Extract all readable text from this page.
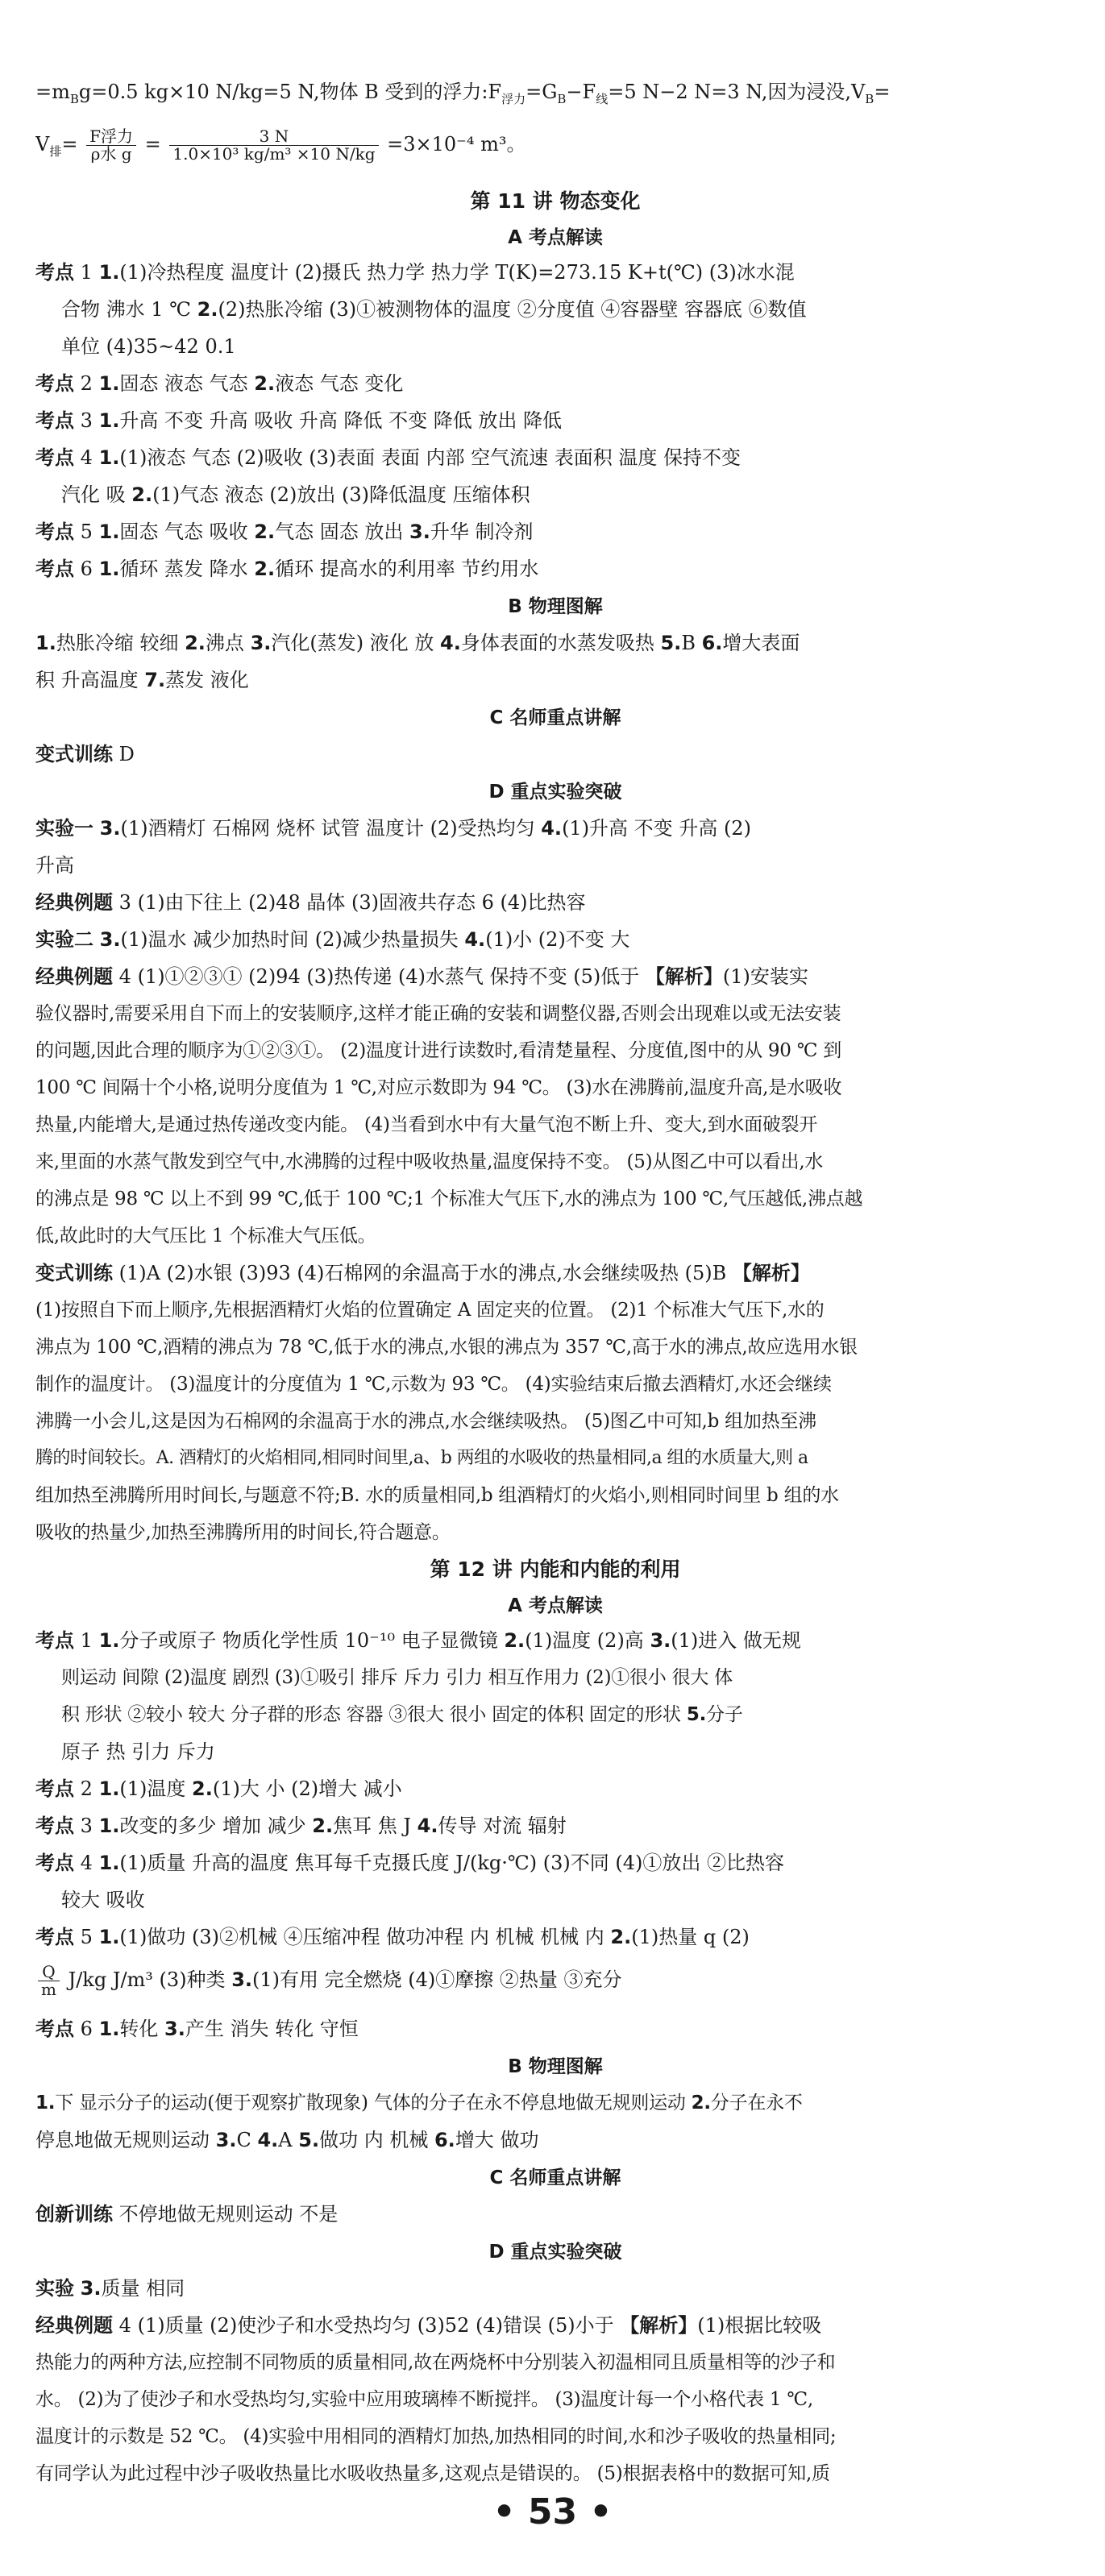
$=m_Bg=0.5$ kg×10 N/kg=5 N,物体 B 受到的浮力$:F_{浮力}=G_B-F_线=5$ N−2 N=3 N,因为浸没$,V_B=$
$V_排= \frac{\text{F浮力}}{\text{ρ水 g}} = \frac{3 N}{\text{1.0×10³ kg/m³ ×10 N/kg}} =3\times 10^{-4}$ m³。
第 11 讲 物态变化
A 考点解读
考点 1 1.(1)冷热程度 温度计 (2)摄氏 热力学 热力学 T(K)=273.15 K+t(℃) (3)冰水混
合物 沸水 1 ℃ 2.(2)热胀冷缩 (3)①被测物体的温度 ②分度值 ④容器壁 容器底 ⑥数值
单位 (4)35~42 0.1
考点 2 1.固态 液态 气态 2.液态 气态 变化
考点 3 1.升高 不变 升高 吸收 升高 降低 不变 降低 放出 降低
考点 4 1.(1)液态 气态 (2)吸收 (3)表面 表面 内部 空气流速 表面积 温度 保持不变
汽化 吸 2.(1)气态 液态 (2)放出 (3)降低温度 压缩体积
考点 5 1.固态 气态 吸收 2.气态 固态 放出 3.升华 制冷剂
考点 6 1.循环 蒸发 降水 2.循环 提高水的利用率 节约用水
B 物理图解
1.热胀冷缩 较细 2.沸点 3.汽化(蒸发) 液化 放 4.身体表面的水蒸发吸热 5.B 6.增大表面
积 升高温度 7.蒸发 液化
C 名师重点讲解
变式训练 D
D 重点实验突破
实验一 3.(1)酒精灯 石棉网 烧杯 试管 温度计 (2)受热均匀 4.(1)升高 不变 升高 (2)
升高
经典例题 3 (1)由下往上 (2)48 晶体 (3)固液共存态 6 (4)比热容
实验二 3.(1)温水 减少加热时间 (2)减少热量损失 4.(1)小 (2)不变 大
经典例题 4 (1)①②③① (2)94 (3)热传递 (4)水蒸气 保持不变 (5)低于 【解析】(1)安装实
验仪器时,需要采用自下而上的安装顺序,这样才能正确的安装和调整仪器,否则会出现难以或无法安装
的问题,因此合理的顺序为①②③①。 (2)温度计进行读数时,看清楚量程、分度值,图中的从 90 ℃ 到
100 ℃ 间隔十个小格,说明分度值为 1 ℃,对应示数即为 94 ℃。 (3)水在沸腾前,温度升高,是水吸收
热量,内能增大,是通过热传递改变内能。 (4)当看到水中有大量气泡不断上升、变大,到水面破裂开
来,里面的水蒸气散发到空气中,水沸腾的过程中吸收热量,温度保持不变。 (5)从图乙中可以看出,水
的沸点是 98 ℃ 以上不到 99 ℃,低于 100 ℃;1 个标准大气压下,水的沸点为 100 ℃,气压越低,沸点越
低,故此时的大气压比 1 个标准大气压低。
变式训练 (1)A (2)水银 (3)93 (4)石棉网的余温高于水的沸点,水会继续吸热 (5)B 【解析】
(1)按照自下而上顺序,先根据酒精灯火焰的位置确定 A 固定夹的位置。 (2)1 个标准大气压下,水的
沸点为 100 ℃,酒精的沸点为 78 ℃,低于水的沸点,水银的沸点为 357 ℃,高于水的沸点,故应选用水银
制作的温度计。 (3)温度计的分度值为 1 ℃,示数为 93 ℃。 (4)实验结束后撤去酒精灯,水还会继续
沸腾一小会儿,这是因为石棉网的余温高于水的沸点,水会继续吸热。 (5)图乙中可知,b 组加热至沸
腾的时间较长。A. 酒精灯的火焰相同,相同时间里,a、b 两组的水吸收的热量相同,a 组的水质量大,则 a
组加热至沸腾所用时间长,与题意不符;B. 水的质量相同,b 组酒精灯的火焰小,则相同时间里 b 组的水
吸收的热量少,加热至沸腾所用的时间长,符合题意。
第 12 讲 内能和内能的利用
A 考点解读
考点 1 1.分子或原子 物质化学性质 10⁻¹⁰ 电子显微镜 2.(1)温度 (2)高 3.(1)进入 做无规
则运动 间隙 (2)温度 剧烈 (3)①吸引 排斥 斥力 引力 相互作用力 (2)①很小 很大 体
积 形状 ②较小 较大 分子群的形态 容器 ③很大 很小 固定的体积 固定的形状 5.分子
原子 热 引力 斥力
考点 2 1.(1)温度 2.(1)大 小 (2)增大 减小
考点 3 1.改变的多少 增加 减少 2.焦耳 焦 J 4.传导 对流 辐射
考点 4 1.(1)质量 升高的温度 焦耳每千克摄氏度 J/(kg·℃) (3)不同 (4)①放出 ②比热容
较大 吸收
考点 5 1.(1)做功 (3)②机械 ④压缩冲程 做功冲程 内 机械 机械 内 2.(1)热量 q (2)
$\frac{Q}{m} J/kg$ J/m³ (3)种类 3.(1)有用 完全燃烧 (4)①摩擦 ②热量 ③充分
考点 6 1.转化 3.产生 消失 转化 守恒
B 物理图解
1.下 显示分子的运动(便于观察扩散现象) 气体的分子在永不停息地做无规则运动 2.分子在永不
停息地做无规则运动 3.C 4.A 5.做功 内 机械 6.增大 做功
C 名师重点讲解
创新训练 不停地做无规则运动 不是
D 重点实验突破
实验 3.质量 相同
经典例题 4 (1)质量 (2)使沙子和水受热均匀 (3)52 (4)错误 (5)小于 【解析】(1)根据比较吸
热能力的两种方法,应控制不同物质的质量相同,故在两烧杯中分别装入初温相同且质量相等的沙子和
水。 (2)为了使沙子和水受热均匀,实验中应用玻璃棒不断搅拌。 (3)温度计每一个小格代表 1 ℃,
温度计的示数是 52 ℃。 (4)实验中用相同的酒精灯加热,加热相同的时间,水和沙子吸收的热量相同;
有同学认为此过程中沙子吸收热量比水吸收热量多,这观点是错误的。 (5)根据表格中的数据可知,质
• 53 •
